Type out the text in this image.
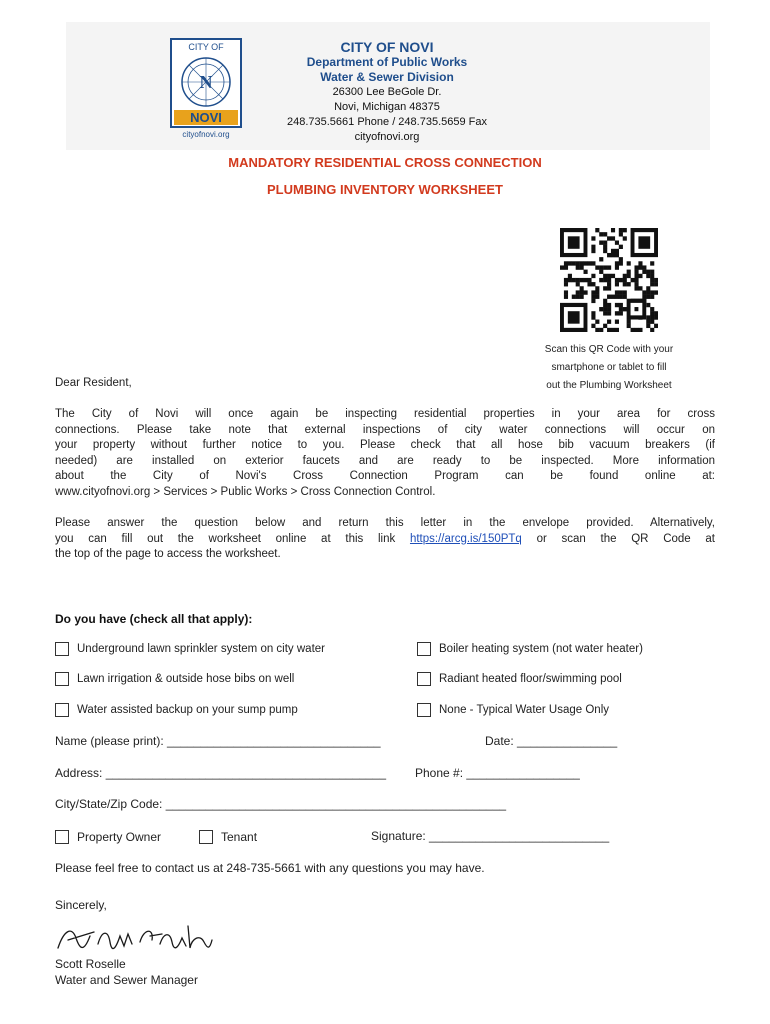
CITY OF
N
NOVI
cityofnovi.org
CITY OF NOVI
Department of Public Works
Water & Sewer Division
26300 Lee BeGole Dr.
Novi, Michigan 48375
248.735.5661 Phone / 248.735.5659 Fax
cityofnovi.org
MANDATORY RESIDENTIAL CROSS CONNECTION
PLUMBING INVENTORY WORKSHEET
Scan this QR Code with your
smartphone or tablet to fill
out the Plumbing Worksheet
Dear Resident,
The City of Novi will once again be inspecting residential properties in your area for cross
connections. Please take note that external inspections of city water connections will occur on
your property without further notice to you. Please check that all hose bib vacuum breakers (if
needed) are installed on exterior faucets and are ready to be inspected. More information
about the City of Novi's Cross Connection Program can be found online at:
www.cityofnovi.org > Services > Public Works > Cross Connection Control.
Please answer the question below and return this letter in the envelope provided. Alternatively,
you can fill out the worksheet online at this link https://arcg.is/150PTq or scan the QR Code at
the top of the page to access the worksheet.
Do you have (check all that apply):
Underground lawn sprinkler system on city water
Lawn irrigation & outside hose bibs on well
Water assisted backup on your sump pump
Boiler heating system (not water heater)
Radiant heated floor/swimming pool
None - Typical Water Usage Only
Name (please print): ________________________________	Date: _______________
Address: __________________________________________ Phone #: _________________
City/State/Zip Code: ___________________________________________________
Property Owner	Tenant	Signature: ___________________________
Please feel free to contact us at 248-735-5661 with any questions you may have.
Sincerely,
Scott Roselle
Water and Sewer Manager
